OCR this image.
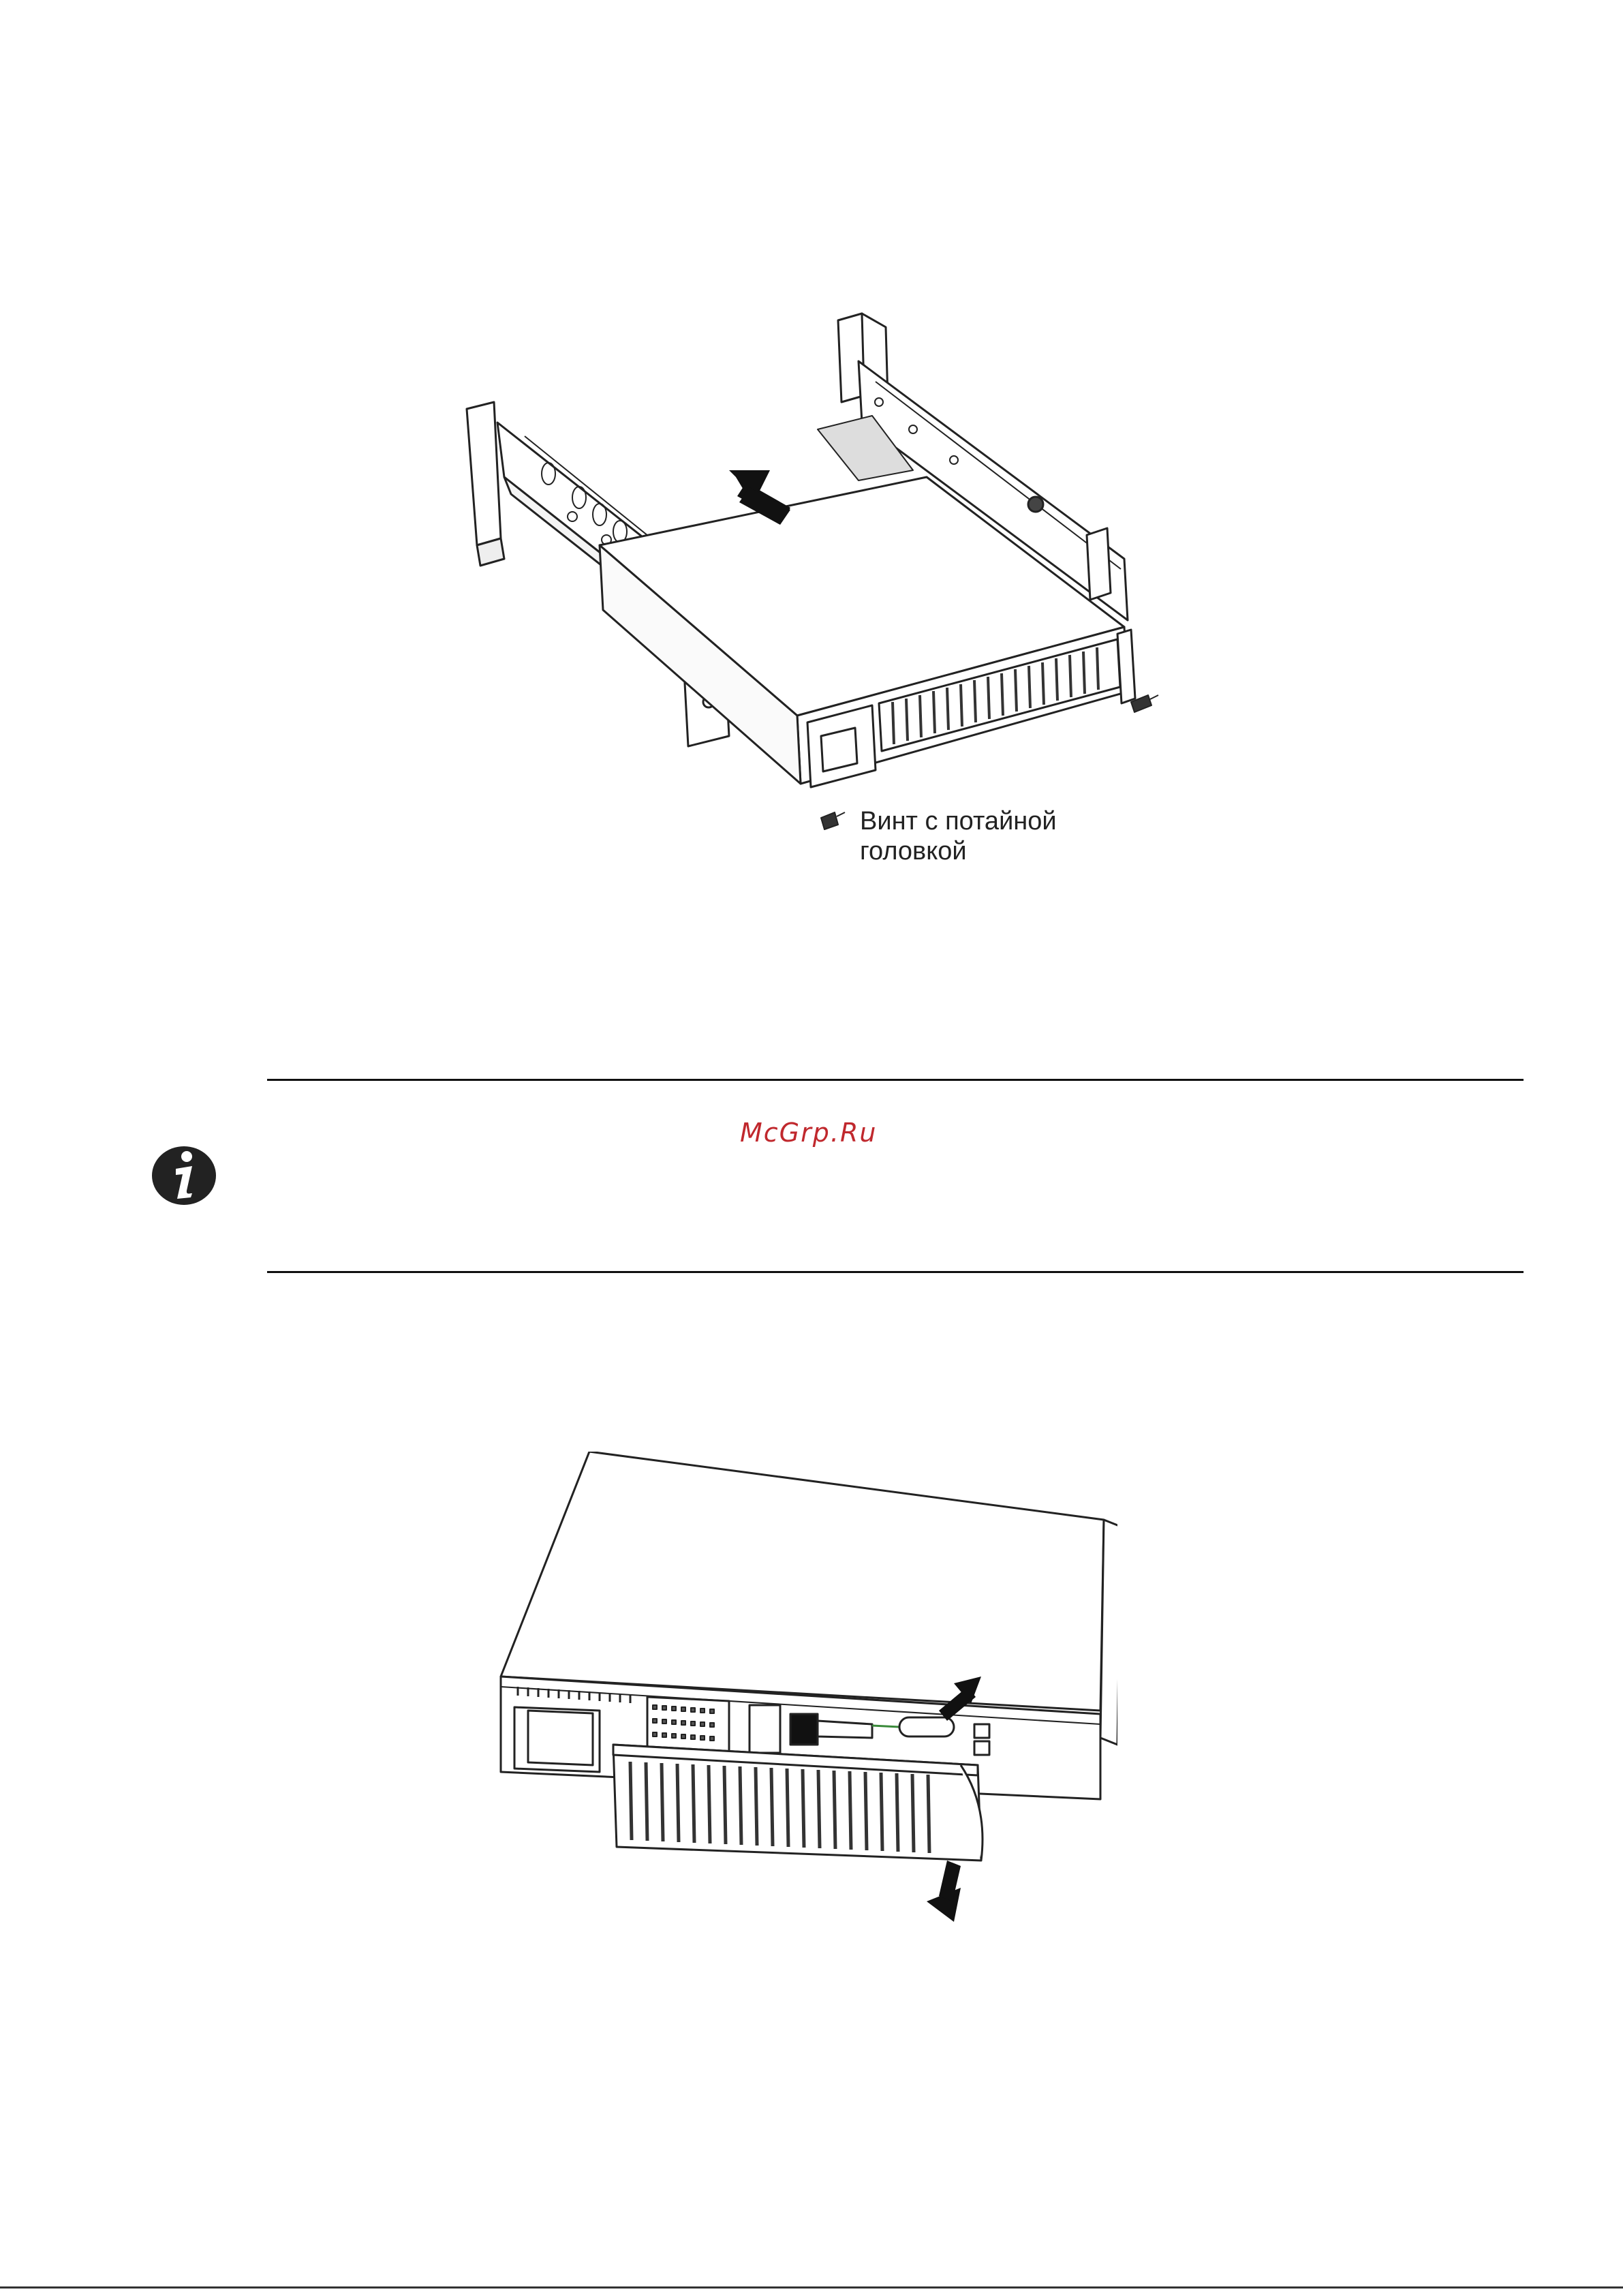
Винт с потайной
головкой
McGrp.Ru
